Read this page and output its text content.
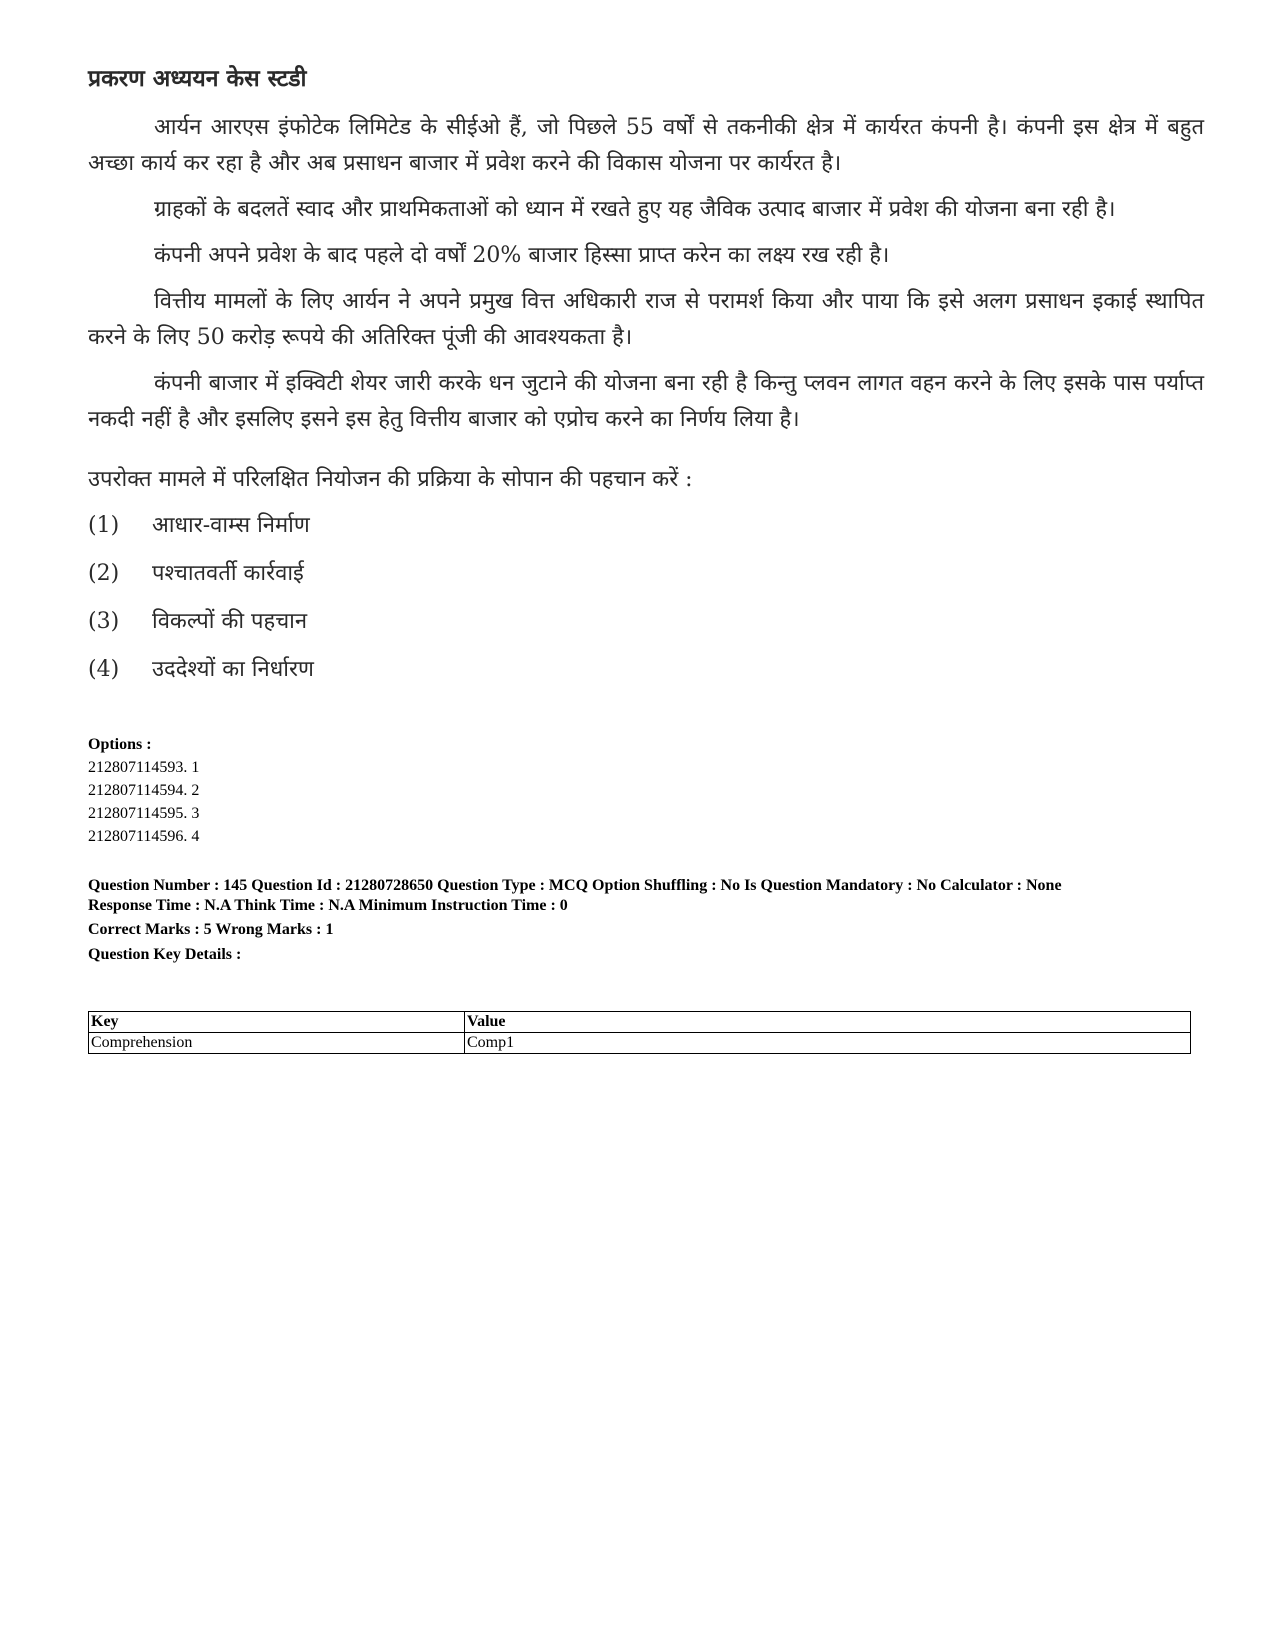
प्रकरण अध्ययन केस स्टडी

आर्यन आरएस इंफोटेक लिमिटेड के सीईओ हैं, जो पिछले 55 वर्षों से तकनीकी क्षेत्र में कार्यरत कंपनी है। कंपनी इस क्षेत्र में बहुत अच्छा कार्य कर रहा है और अब प्रसाधन बाजार में प्रवेश करने की विकास योजना पर कार्यरत है।

ग्राहकों के बदलतें स्वाद और प्राथमिकताओं को ध्यान में रखते हुए यह जैविक उत्पाद बाजार में प्रवेश की योजना बना रही है।

कंपनी अपने प्रवेश के बाद पहले दो वर्षों 20% बाजार हिस्सा प्राप्त करेन का लक्ष्य रख रही है।

वित्तीय मामलों के लिए आर्यन ने अपने प्रमुख वित्त अधिकारी राज से परामर्श किया और पाया कि इसे अलग प्रसाधन इकाई स्थापित करने के लिए 50 करोड़ रूपये की अतिरिक्त पूंजी की आवश्यकता है।

कंपनी बाजार में इक्विटी शेयर जारी करके धन जुटाने की योजना बना रही है किन्तु प्लवन लागत वहन करने के लिए इसके पास पर्याप्त नकदी नहीं है और इसलिए इसने इस हेतु वित्तीय बाजार को एप्रोच करने का निर्णय लिया है।

उपरोक्त मामले में परिलक्षित नियोजन की प्रक्रिया के सोपान की पहचान करें :
(1)	आधार-वाम्स निर्माण
(2)	पश्चातवर्ती कार्रवाई
(3)	विकल्पों की पहचान
(4)	उददेश्यों का निर्धारण
Options :
212807114593. 1
212807114594. 2
212807114595. 3
212807114596. 4
Question Number : 145 Question Id : 21280728650 Question Type : MCQ Option Shuffling : No Is Question Mandatory : No Calculator : None
Response Time : N.A Think Time : N.A Minimum Instruction Time : 0
Correct Marks : 5 Wrong Marks : 1
Question Key Details :
Key	Value
Comprehension	Comp1
